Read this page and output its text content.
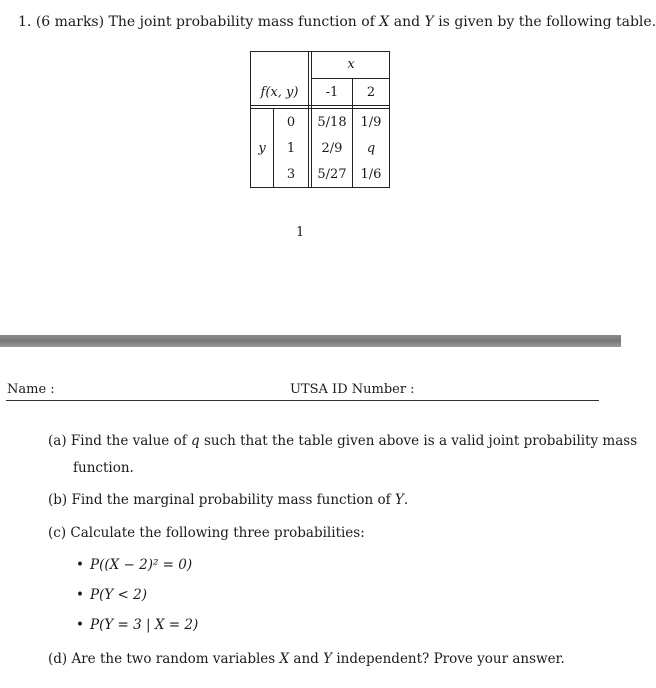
1. (6 marks) The joint probability mass function of X and Y is given by the following table.
x
f(x, y)	-1	2
y
0	5/18	1/9
1	2/9	q
3	5/27	1/6
1
Name :	UTSA ID Number :
(a) Find the value of q such that the table given above is a valid joint probability mass
function.
(b) Find the marginal probability mass function of Y.
(c) Calculate the following three probabilities:
• P((X − 2)² = 0)
• P(Y < 2)
• P(Y = 3 | X = 2)
(d) Are the two random variables X and Y independent? Prove your answer.
